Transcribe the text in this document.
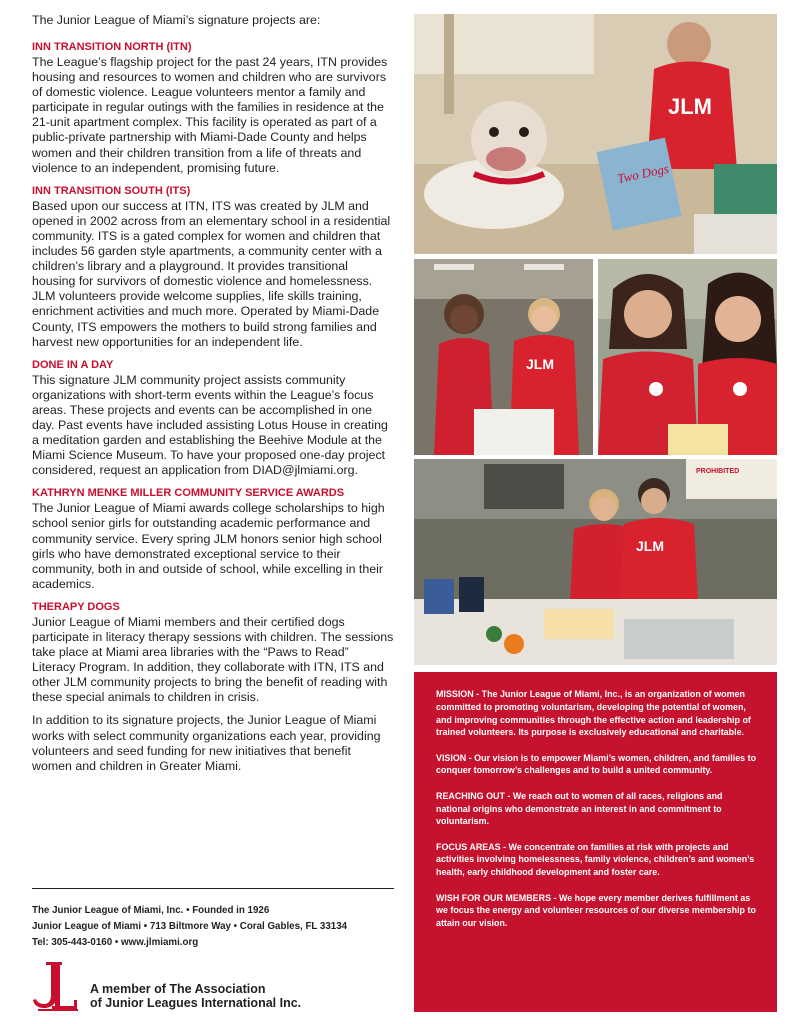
The Junior League of Miami’s signature projects are:

INN TRANSITION NORTH (ITN)

The League’s flagship project for the past 24 years, ITN provides housing and resources to women and children who are survivors of domestic violence. League volunteers mentor a family and participate in regular outings with the families in residence at the 21-unit apartment complex. This facility is operated as part of a public-private partnership with Miami-Dade County and helps women and their children transition from a life of threats and violence to an independent, promising future.

INN TRANSITION SOUTH (ITS)

Based upon our success at ITN, ITS was created by JLM and opened in 2002 across from an elementary school in a residential community. ITS is a gated complex for women and children that includes 56 garden style apartments, a community center with a children’s library and a playground. It provides transitional housing for survivors of domestic violence and homelessness. JLM volunteers provide welcome supplies, life skills training, enrichment activities and much more. Operated by Miami-Dade County, ITS empowers the mothers to build strong families and harvest new opportunities for an independent life.

DONE IN A DAY

This signature JLM community project assists community organizations with short-term events within the League’s focus areas. These projects and events can be accomplished in one day. Past events have included assisting Lotus House in creating a meditation garden and establishing the Beehive Module at the Miami Science Museum. To have your proposed one-day project considered, request an application from DIAD@jlmiami.org.

KATHRYN MENKE MILLER COMMUNITY SERVICE AWARDS

The Junior League of Miami awards college scholarships to high school senior girls for outstanding academic performance and community service. Every spring JLM honors senior high school girls who have demonstrated exceptional service to their community, both in and outside of school, while excelling in their academics.

THERAPY DOGS

Junior League of Miami members and their certified dogs participate in literacy therapy sessions with children. The sessions take place at Miami area libraries with the “Paws to Read” Literacy Program. In addition, they collaborate with ITN, ITS and other JLM community projects to bring the benefit of reading with these special animals to children in crisis.

In addition to its signature projects, the Junior League of Miami works with select community organizations each year, providing volunteers and seed funding for new initiatives that benefit women and children in Greater Miami.

The Junior League of Miami, Inc. • Founded in 1926
Junior League of Miami • 713 Biltmore Way • Coral Gables, FL 33134
Tel: 305-443-0160 • www.jlmiami.org
A member of The Association
of Junior Leagues International Inc.
JLM
Two Dogs
JLM
PROHIBITED
JLM

MISSION - The Junior League of Miami, Inc., is an organization of women committed to promoting voluntarism, developing the potential of women, and improving communities through the effective action and leadership of trained volunteers. Its purpose is exclusively educational and charitable.

VISION - Our vision is to empower Miami’s women, children, and families to conquer tomorrow’s challenges and to build a united community.

REACHING OUT - We reach out to women of all races, religions and national origins who demonstrate an interest in and commitment to voluntarism.

FOCUS AREAS - We concentrate on families at risk with projects and activities involving homelessness, family violence, children’s and women’s health, early childhood development and foster care.

WISH FOR OUR MEMBERS - We hope every member derives fulfillment as we focus the energy and volunteer resources of our diverse membership to attain our vision.
